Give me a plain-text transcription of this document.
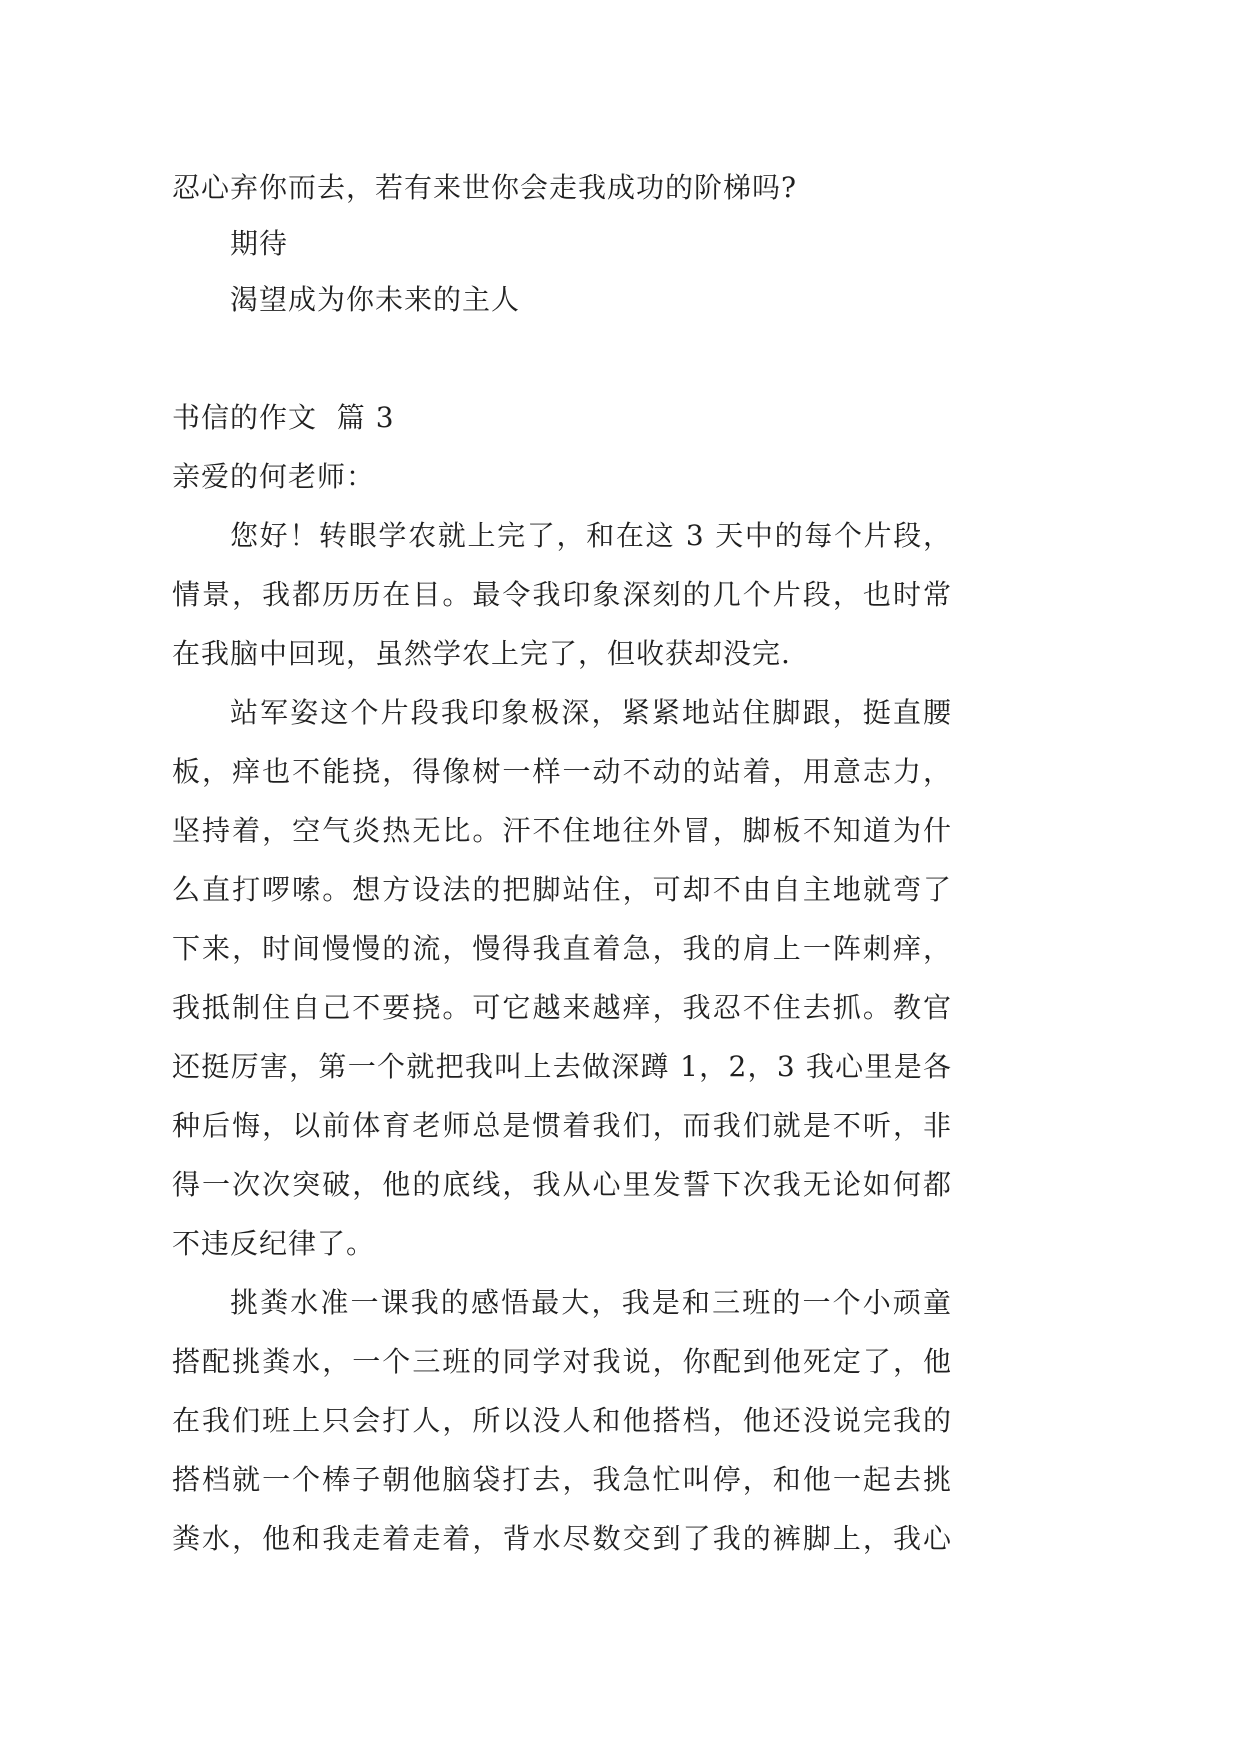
忍心弃你而去，若有来世你会走我成功的阶梯吗?
期待
渴望成为你未来的主人
书信的作文  篇 3
亲爱的何老师：
您好！转眼学农就上完了，和在这 3 天中的每个片段，
情景，我都历历在目。最令我印象深刻的几个片段，也时常
在我脑中回现，虽然学农上完了，但收获却没完.
站军姿这个片段我印象极深，紧紧地站住脚跟，挺直腰
板，痒也不能挠，得像树一样一动不动的站着，用意志力，
坚持着，空气炎热无比。汗不住地往外冒，脚板不知道为什
么直打啰嗦。想方设法的把脚站住，可却不由自主地就弯了
下来，时间慢慢的流，慢得我直着急，我的肩上一阵刺痒，
我抵制住自己不要挠。可它越来越痒，我忍不住去抓。教官
还挺厉害，第一个就把我叫上去做深蹲 1，2，3 我心里是各
种后悔，以前体育老师总是惯着我们，而我们就是不听，非
得一次次突破，他的底线，我从心里发誓下次我无论如何都
不违反纪律了。
挑粪水准一课我的感悟最大，我是和三班的一个小顽童
搭配挑粪水，一个三班的同学对我说，你配到他死定了，他
在我们班上只会打人，所以没人和他搭档，他还没说完我的
搭档就一个棒子朝他脑袋打去，我急忙叫停，和他一起去挑
粪水，他和我走着走着，背水尽数交到了我的裤脚上，我心
